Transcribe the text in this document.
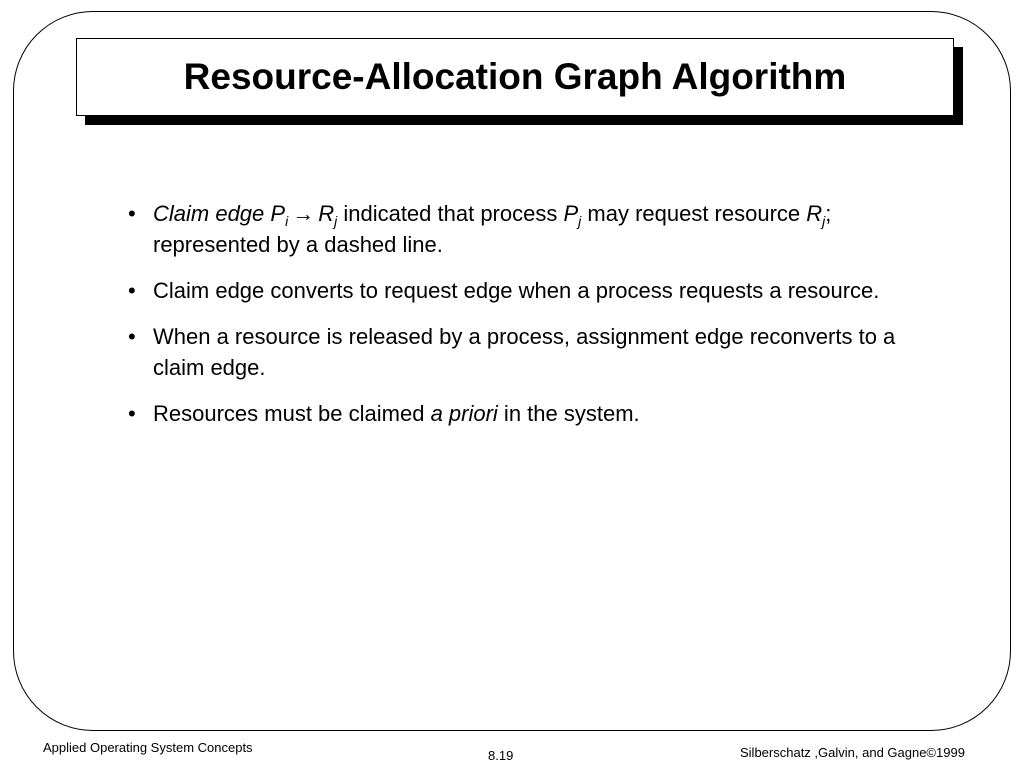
Resource-Allocation Graph Algorithm
• Claim edge $P_i \to R_j$ indicated that process $P_j$ may request resource $R_j$; represented by a dashed line.
• Claim edge converts to request edge when a process requests a resource.
• When a resource is released by a process, assignment edge reconverts to a claim edge.
• Resources must be claimed a priori in the system.
Applied Operating System Concepts
8.19	Silberschatz ,Galvin, and Gagne©1999
